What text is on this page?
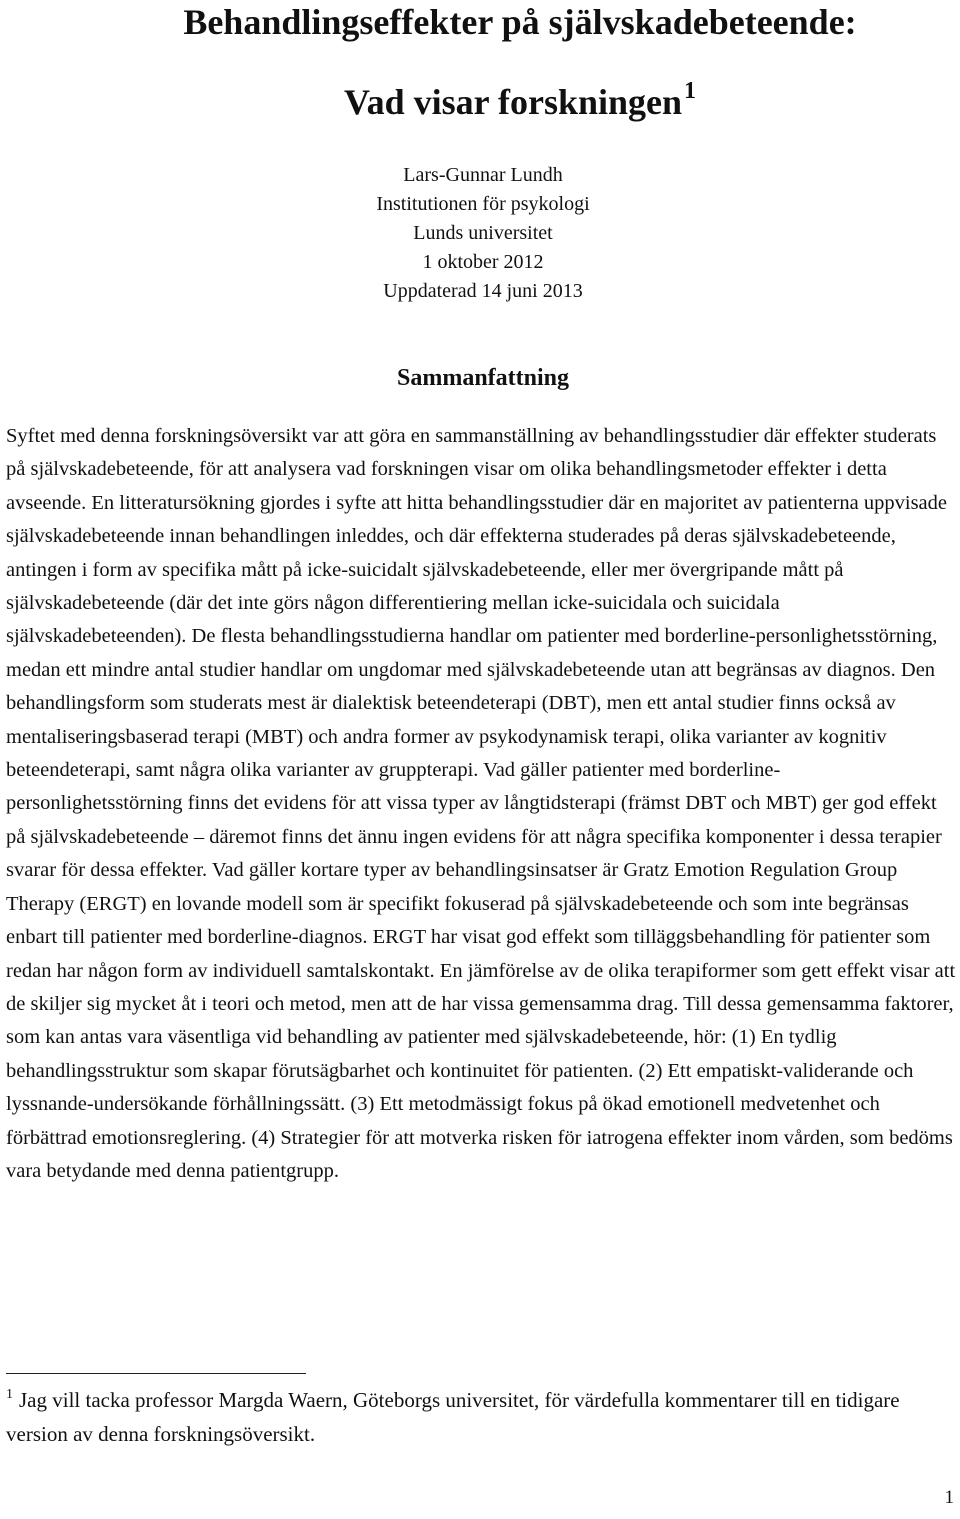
Behandlingseffekter på självskadebeteende:
Vad visar forskningen$^1$
Lars-Gunnar Lundh
Institutionen för psykologi
Lunds universitet
1 oktober 2012
Uppdaterad 14 juni 2013
Sammanfattning

Syftet med denna forskningsöversikt var att göra en sammanställning av behandlingsstudier där effekter studerats på självskadebeteende, för att analysera vad forskningen visar om olika behandlingsmetoder effekter i detta avseende. En litteratursökning gjordes i syfte att hitta behandlingsstudier där en majoritet av patienterna uppvisade självskadebeteende innan behandlingen inleddes, och där effekterna studerades på deras självskadebeteende, antingen i form av specifika mått på icke-suicidalt självskadebeteende, eller mer övergripande mått på självskadebeteende (där det inte görs någon differentiering mellan icke-suicidala och suicidala självskadebeteenden). De flesta behandlingsstudierna handlar om patienter med borderline-personlighetsstörning, medan ett mindre antal studier handlar om ungdomar med självskadebeteende utan att begränsas av diagnos. Den behandlingsform som studerats mest är dialektisk beteendeterapi (DBT), men ett antal studier finns också av mentaliseringsbaserad terapi (MBT) och andra former av psykodynamisk terapi, olika varianter av kognitiv beteendeterapi, samt några olika varianter av gruppterapi. Vad gäller patienter med borderline-personlighetsstörning finns det evidens för att vissa typer av långtidsterapi (främst DBT och MBT) ger god effekt på självskadebeteende – däremot finns det ännu ingen evidens för att några specifika komponenter i dessa terapier svarar för dessa effekter. Vad gäller kortare typer av behandlingsinsatser är Gratz Emotion Regulation Group Therapy (ERGT) en lovande modell som är specifikt fokuserad på självskadebeteende och som inte begränsas enbart till patienter med borderline-diagnos. ERGT har visat god effekt som tilläggsbehandling för patienter som redan har någon form av individuell samtalskontakt. En jämförelse av de olika terapiformer som gett effekt visar att de skiljer sig mycket åt i teori och metod, men att de har vissa gemensamma drag. Till dessa gemensamma faktorer, som kan antas vara väsentliga vid behandling av patienter med självskadebeteende, hör: (1) En tydlig behandlingsstruktur som skapar förutsägbarhet och kontinuitet för patienten. (2) Ett empatiskt-validerande och lyssnande-undersökande förhållningssätt. (3) Ett metodmässigt fokus på ökad emotionell medvetenhet och förbättrad emotionsreglering. (4) Strategier för att motverka risken för iatrogena effekter inom vården, som bedöms vara betydande med denna patientgrupp.

$^1$ Jag vill tacka professor Margda Waern, Göteborgs universitet, för värdefulla kommentarer till en tidigare version av denna forskningsöversikt.

1
